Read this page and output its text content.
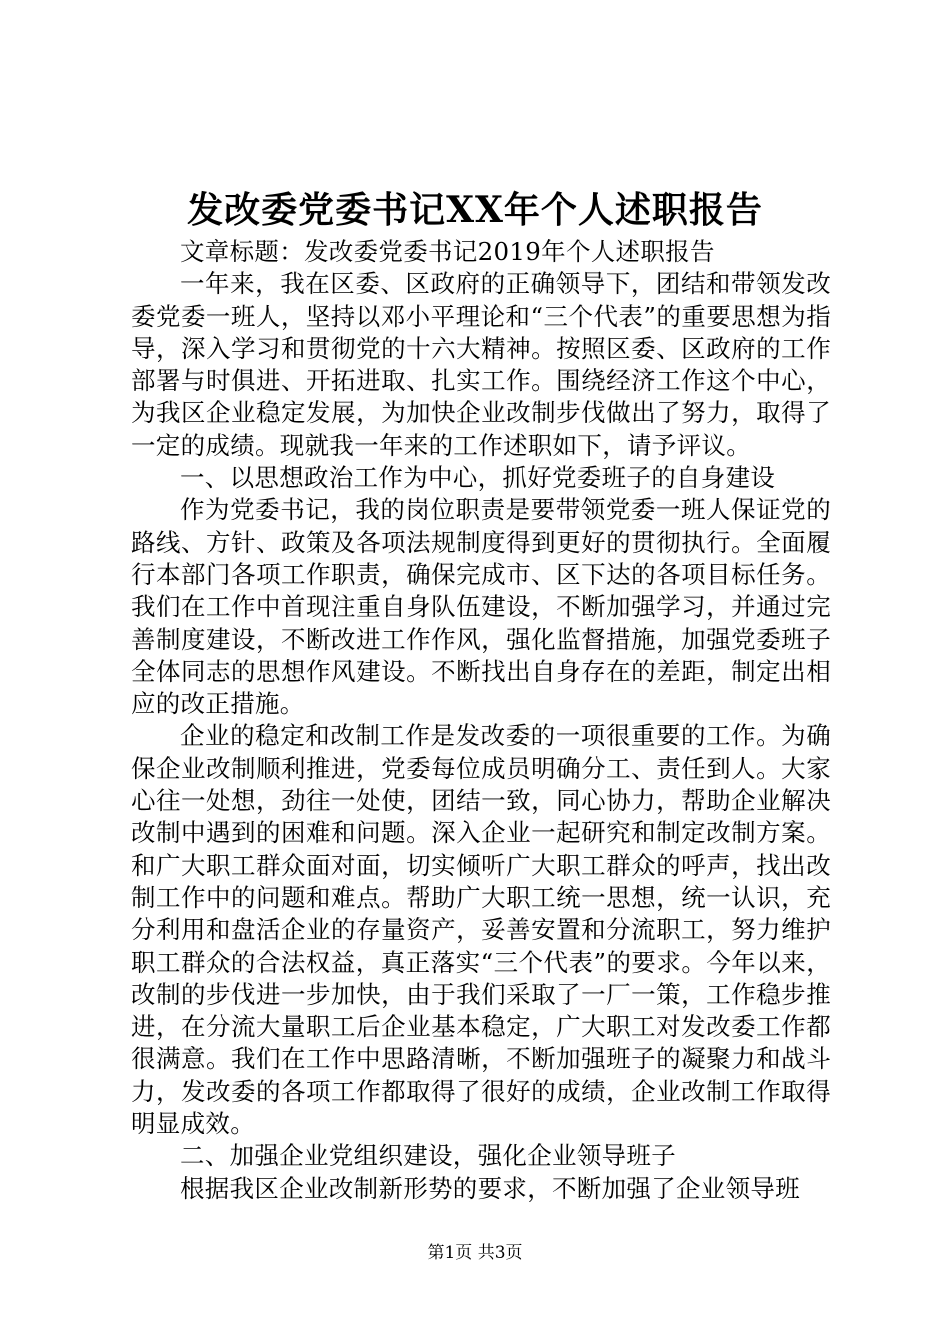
发改委党委书记XX年个人述职报告

文章标题：发改委党委书记2019年个人述职报告

一年来，我在区委、区政府的正确领导下，团结和带领发改委党委一班人，坚持以邓小平理论和“三个代表”的重要思想为指导，深入学习和贯彻党的十六大精神。按照区委、区政府的工作部署与时俱进、开拓进取、扎实工作。围绕经济工作这个中心，为我区企业稳定发展，为加快企业改制步伐做出了努力，取得了一定的成绩。现就我一年来的工作述职如下，请予评议。

一、以思想政治工作为中心，抓好党委班子的自身建设

作为党委书记，我的岗位职责是要带领党委一班人保证党的路线、方针、政策及各项法规制度得到更好的贯彻执行。全面履行本部门各项工作职责，确保完成市、区下达的各项目标任务。我们在工作中首现注重自身队伍建设，不断加强学习，并通过完善制度建设，不断改进工作作风，强化监督措施，加强党委班子全体同志的思想作风建设。不断找出自身存在的差距，制定出相应的改正措施。

企业的稳定和改制工作是发改委的一项很重要的工作。为确保企业改制顺利推进，党委每位成员明确分工、责任到人。大家心往一处想，劲往一处使，团结一致，同心协力，帮助企业解决改制中遇到的困难和问题。深入企业一起研究和制定改制方案。和广大职工群众面对面，切实倾听广大职工群众的呼声，找出改制工作中的问题和难点。帮助广大职工统一思想，统一认识，充分利用和盘活企业的存量资产，妥善安置和分流职工，努力维护职工群众的合法权益，真正落实“三个代表”的要求。今年以来，改制的步伐进一步加快，由于我们采取了一厂一策，工作稳步推进，在分流大量职工后企业基本稳定，广大职工对发改委工作都很满意。我们在工作中思路清晰，不断加强班子的凝聚力和战斗力，发改委的各项工作都取得了很好的成绩，企业改制工作取得明显成效。

二、加强企业党组织建设，强化企业领导班子

根据我区企业改制新形势的要求，不断加强了企业领导班

第1页 共3页
